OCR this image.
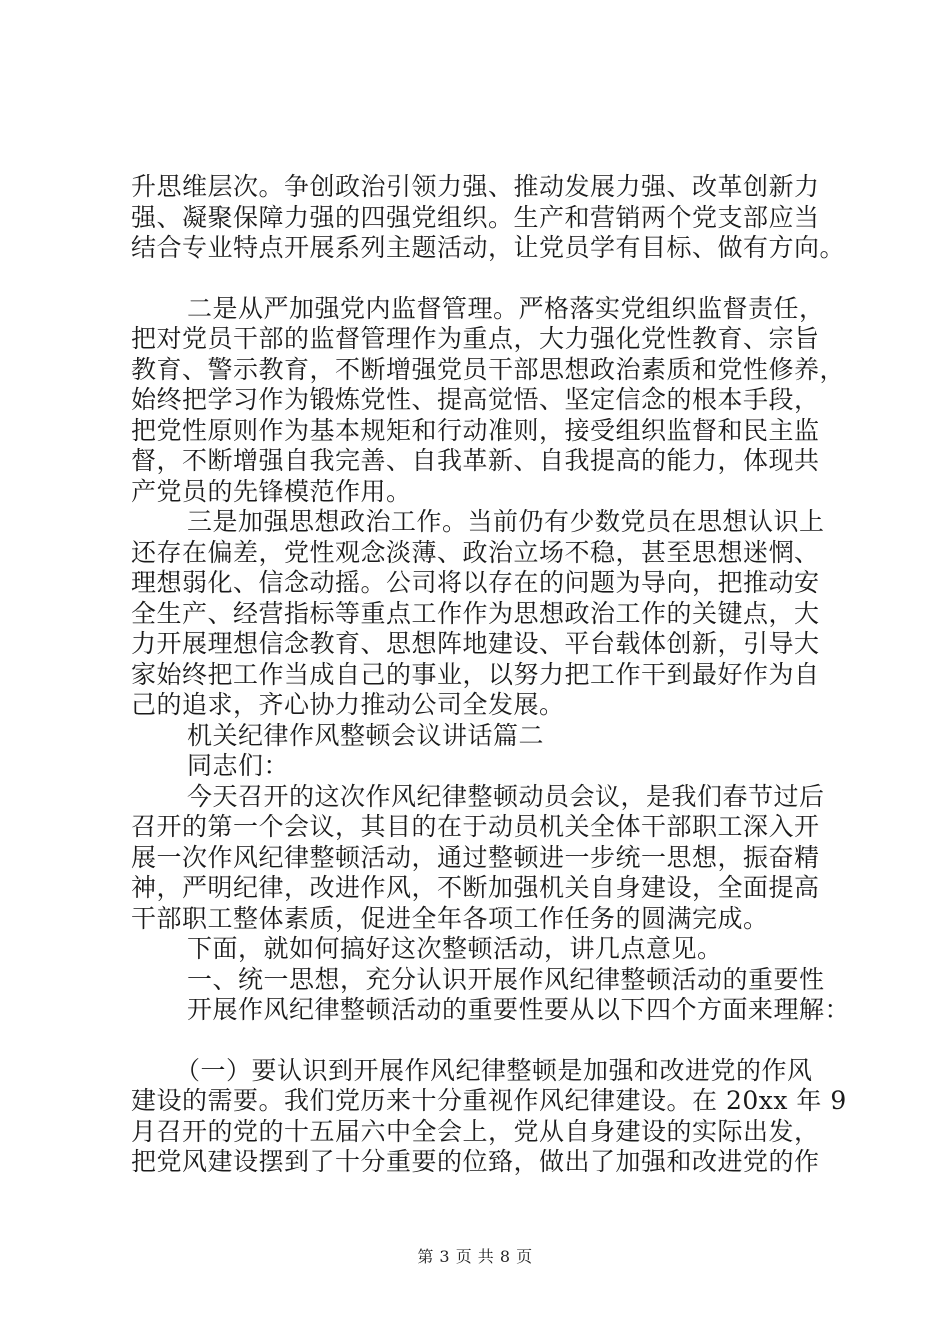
升思维层次。争创政治引领力强、推动发展力强、改革创新力
强、凝聚保障力强的四强党组织。生产和营销两个党支部应当
结合专业特点开展系列主题活动，让党员学有目标、做有方向。
二是从严加强党内监督管理。严格落实党组织监督责任，
把对党员干部的监督管理作为重点，大力强化党性教育、宗旨
教育、警示教育，不断增强党员干部思想政治素质和党性修养，
始终把学习作为锻炼党性、提高觉悟、坚定信念的根本手段，
把党性原则作为基本规矩和行动准则，接受组织监督和民主监
督，不断增强自我完善、自我革新、自我提高的能力，体现共
产党员的先锋模范作用。
三是加强思想政治工作。当前仍有少数党员在思想认识上
还存在偏差，党性观念淡薄、政治立场不稳，甚至思想迷惘、
理想弱化、信念动摇。公司将以存在的问题为导向，把推动安
全生产、经营指标等重点工作作为思想政治工作的关键点，大
力开展理想信念教育、思想阵地建设、平台载体创新，引导大
家始终把工作当成自己的事业，以努力把工作干到最好作为自
己的追求，齐心协力推动公司全发展。
机关纪律作风整顿会议讲话篇二
同志们：
今天召开的这次作风纪律整顿动员会议，是我们春节过后
召开的第一个会议，其目的在于动员机关全体干部职工深入开
展一次作风纪律整顿活动，通过整顿进一步统一思想，振奋精
神，严明纪律，改进作风，不断加强机关自身建设，全面提高
干部职工整体素质，促进全年各项工作任务的圆满完成。
下面，就如何搞好这次整顿活动，讲几点意见。
一、统一思想，充分认识开展作风纪律整顿活动的重要性
开展作风纪律整顿活动的重要性要从以下四个方面来理解：
（一）要认识到开展作风纪律整顿是加强和改进党的作风
建设的需要。我们党历来十分重视作风纪律建设。在 20xx 年 9
月召开的党的十五届六中全会上，党从自身建设的实际出发，
把党风建设摆到了十分重要的位臵，做出了加强和改进党的作
第 3 页 共 8 页
